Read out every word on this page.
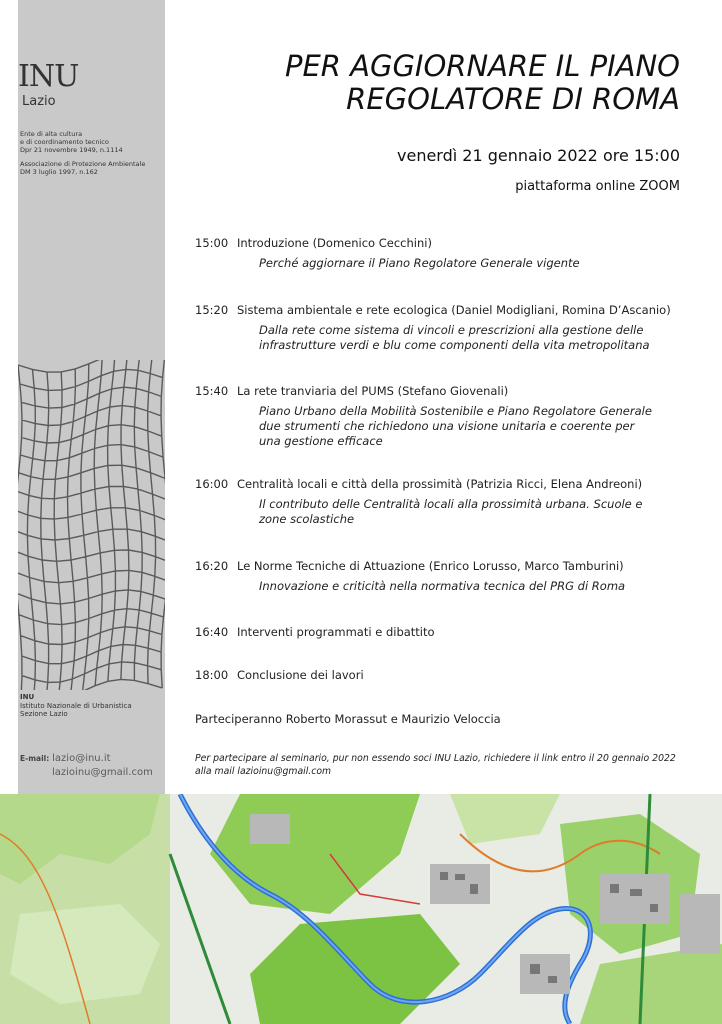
INU
Lazio
Ente di alta cultura
e di coordinamento tecnico
Dpr 21 novembre 1949, n.1114
Associazione di Protezione Ambientale
DM 3 luglio 1997, n.162
INU
Istituto Nazionale di Urbanistica
Sezione Lazio
E-mail: lazio@inu.it
lazioinu@gmail.com
PER AGGIORNARE IL PIANO
REGOLATORE DI ROMA
venerdì 21 gennaio 2022 ore 15:00
piattaforma online ZOOM
15:00 Introduzione (Domenico Cecchini)
Perché aggiornare il Piano Regolatore Generale vigente
15:20 Sistema ambientale e rete ecologica (Daniel Modigliani, Romina D’Ascanio)
Dalla rete come sistema di vincoli e prescrizioni alla gestione delle infrastrutture verdi e blu come componenti della vita metropolitana
15:40 La rete tranviaria del PUMS (Stefano Giovenali)
Piano Urbano della Mobilità Sostenibile e Piano Regolatore Generale due strumenti che richiedono una visione unitaria e coerente per una gestione efficace
16:00 Centralità locali e città della prossimità (Patrizia Ricci, Elena Andreoni)
Il contributo delle Centralità locali alla prossimità urbana. Scuole e zone scolastiche
16:20 Le Norme Tecniche di Attuazione (Enrico Lorusso, Marco Tamburini)
Innovazione e criticità nella normativa tecnica del PRG di Roma
16:40 Interventi programmati e dibattito
18:00 Conclusione dei lavori
Parteciperanno Roberto Morassut e Maurizio Veloccia
Per partecipare al seminario, pur non essendo soci INU Lazio, richiedere il link entro il 20 gennaio 2022 alla mail lazioinu@gmail.com
